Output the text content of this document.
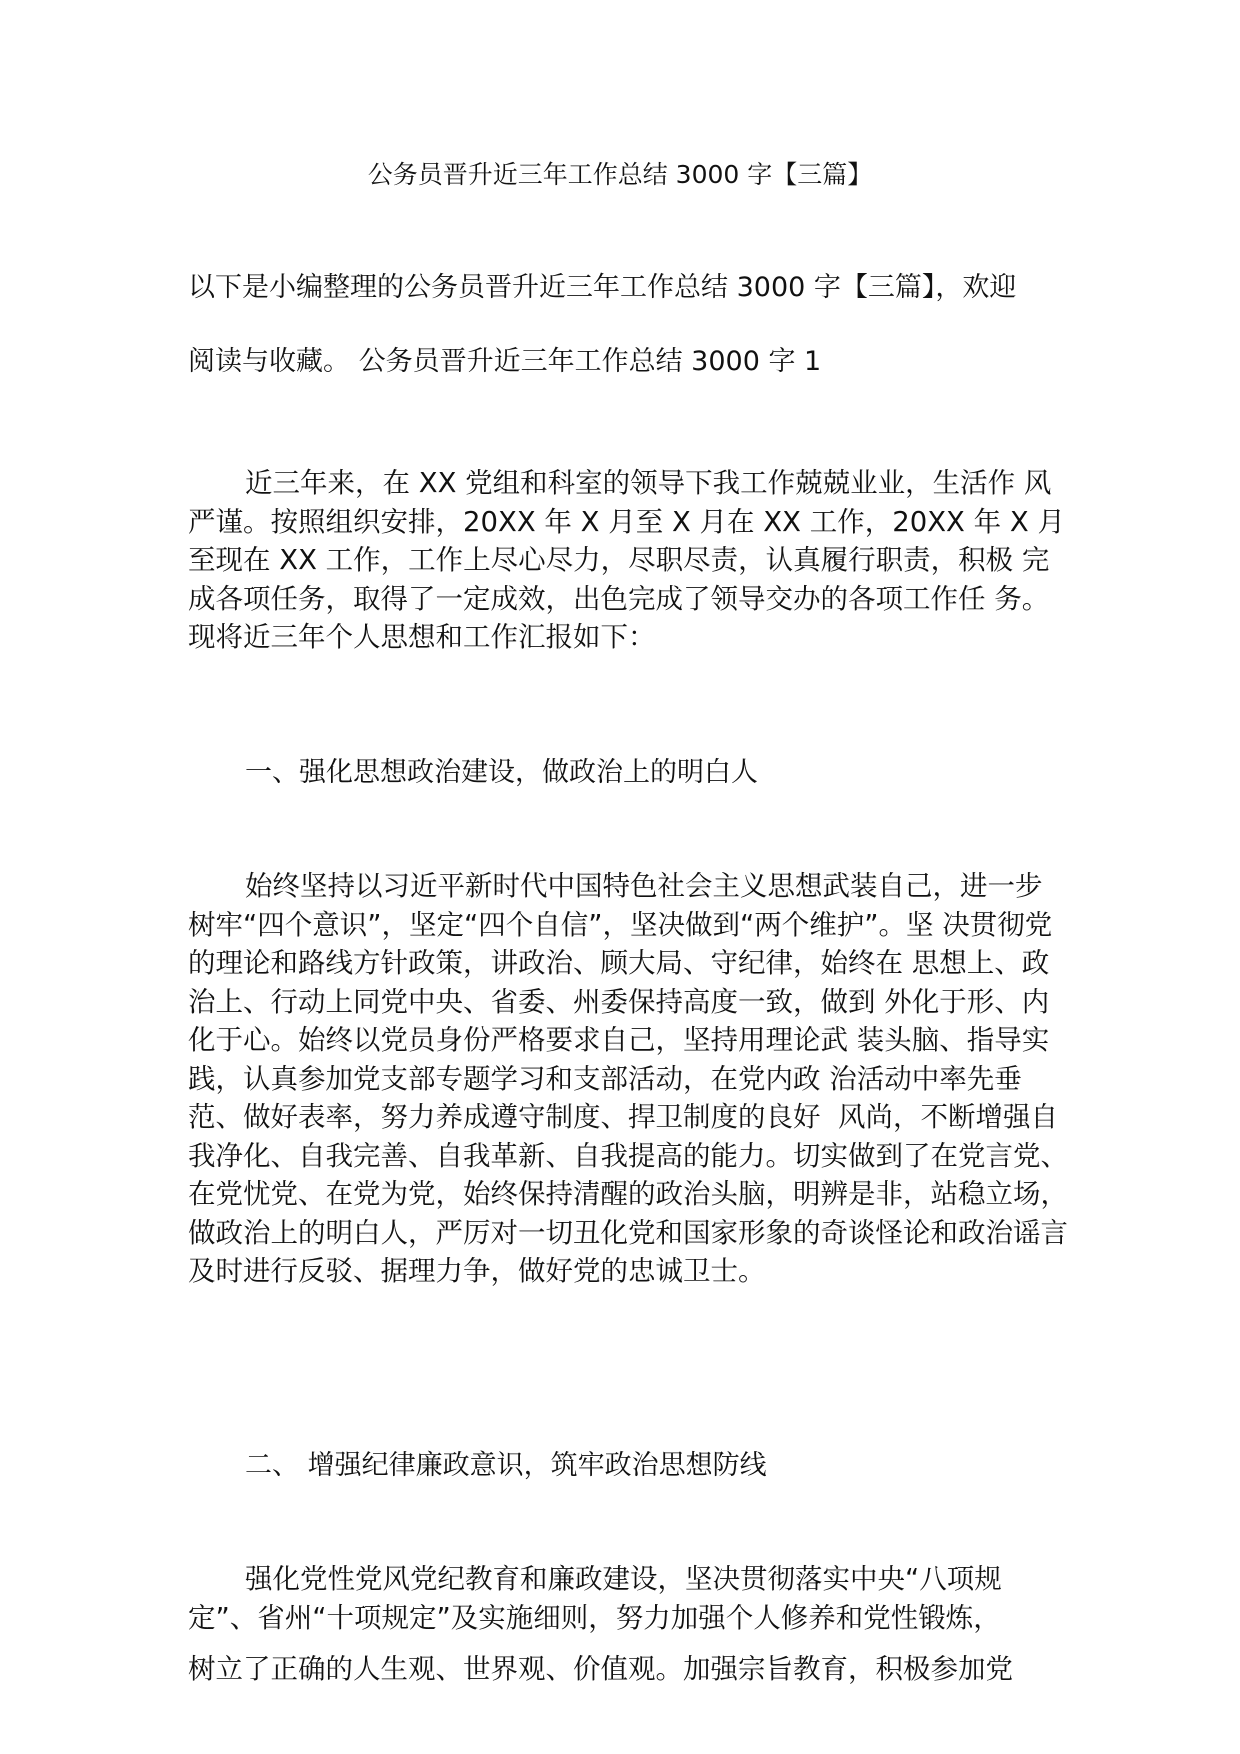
公务员晋升近三年工作总结 3000 字【三篇】

以下是小编整理的公务员晋升近三年工作总结 3000 字【三篇】，欢迎

阅读与收藏。 公务员晋升近三年工作总结 3000 字 1

近三年来，在 XX 党组和科室的领导下我工作兢兢业业，生活作 风严谨。按照组织安排，20XX 年 X 月至 X 月在 XX 工作，20XX 年 X 月 至现在 XX 工作，工作上尽心尽力，尽职尽责，认真履行职责，积极 完成各项任务，取得了一定成效，出色完成了领导交办的各项工作任 务。现将近三年个人思想和工作汇报如下：

一、强化思想政治建设，做政治上的明白人

始终坚持以习近平新时代中国特色社会主义思想武装自己，进一步树牢“四个意识”，坚定“四个自信”，坚决做到“两个维护”。坚 决贯彻党的理论和路线方针政策，讲政治、顾大局、守纪律，始终在 思想上、政治上、行动上同党中央、省委、州委保持高度一致，做到 外化于形、内化于心。始终以党员身份严格要求自己，坚持用理论武 装头脑、指导实践，认真参加党支部专题学习和支部活动，在党内政 治活动中率先垂范、做好表率，努力养成遵守制度、捍卫制度的良好  风尚，不断增强自我净化、自我完善、自我革新、自我提高的能力。切实做到了在党言党、在党忧党、在党为党，始终保持清醒的政治头脑，明辨是非，站稳立场，做政治上的明白人，严厉对一切丑化党和国家形象的奇谈怪论和政治谣言及时进行反驳、据理力争，做好党的忠诚卫士。

二、 增强纪律廉政意识，筑牢政治思想防线

强化党性党风党纪教育和廉政建设，坚决贯彻落实中央“八项规定”、省州“十项规定”及实施细则，努力加强个人修养和党性锻炼，

树立了正确的人生观、世界观、价值观。加强宗旨教育，积极参加党
